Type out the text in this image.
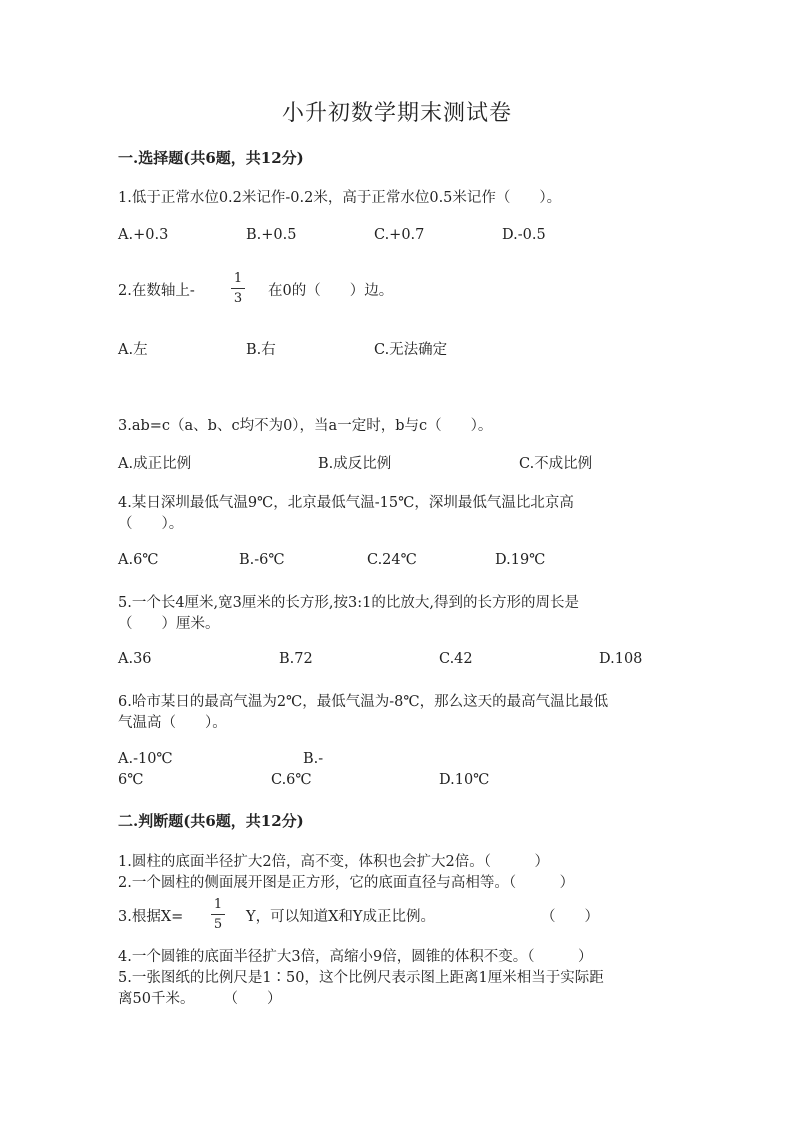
小升初数学期末测试卷
一.选择题(共6题，共12分)
1.低于正常水位0.2米记作-0.2米，高于正常水位0.5米记作（　　）。
A.+0.3	B.+0.5	C.+0.7	D.-0.5
2.在数轴上-
1
3 在0的（　　）边。
A.左	B.右	C.无法确定
3.ab=c（a、b、c均不为0），当a一定时，b与c（　　）。
A.成正比例	B.成反比例	C.不成比例
4.某日深圳最低气温9℃，北京最低气温-15℃，深圳最低气温比北京高
（　　）。
A.6℃	B.-6℃	C.24℃	D.19℃
5.一个长4厘米,宽3厘米的长方形,按3:1的比放大,得到的长方形的周长是
（　　）厘米。
A.36	B.72	C.42	D.108
6.哈市某日的最高气温为2℃，最低气温为-8℃，那么这天的最高气温比最低
气温高（　　）。
A.-10℃	B.-
6℃	C.6℃	D.10℃
二.判断题(共6题，共12分)
1.圆柱的底面半径扩大2倍，高不变，体积也会扩大2倍。（　　　）
2.一个圆柱的侧面展开图是正方形，它的底面直径与高相等。（　　　）
3.根据X=
1
5 Y，可以知道X和Y成正比例。	（　　）
4.一个圆锥的底面半径扩大3倍，高缩小9倍，圆锥的体积不变。（　　　）
5.一张图纸的比例尺是1∶50，这个比例尺表示图上距离1厘米相当于实际距
离50千米。　　　（　　）
